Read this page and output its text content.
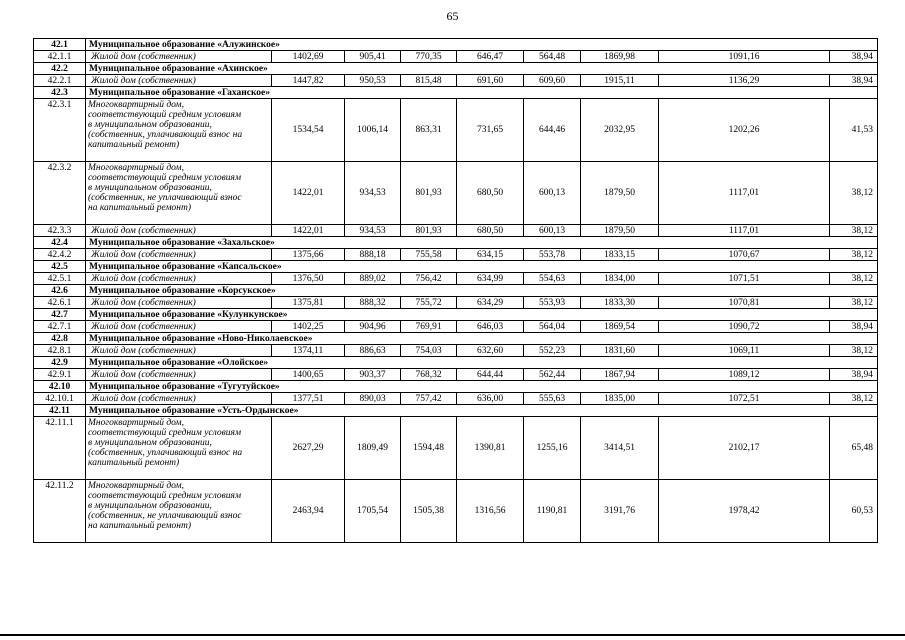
65
42.1	Муниципальное образование «Алужинское»								
42.1.1	Жилой дом (собственник)	1402,69	905,41	770,35	646,47	564,48	1869,98	1091,16	38,94
42.2	Муниципальное образование «Ахинское»								
42.2.1	Жилой дом (собственник)	1447,82	950,53	815,48	691,60	609,60	1915,11	1136,29	38,94
42.3	Муниципальное образование «Гаханское»								
42.3.1	Многоквартирный дом,
соответствующий средним условиям
в муниципальном образовании,
(собственник, уплачивающий взнос на
капитальный ремонт)	1534,54	1006,14	863,31	731,65	644,46	2032,95	1202,26	41,53
42.3.2	Многоквартирный дом,
соответствующий средним условиям
в муниципальном образовании,
(собственник, не уплачивающий взнос
на капитальный ремонт)	1422,01	934,53	801,93	680,50	600,13	1879,50	1117,01	38,12
42.3.3	Жилой дом (собственник)	1422,01	934,53	801,93	680,50	600,13	1879,50	1117,01	38,12
42.4	Муниципальное образование «Захальское»								
42.4.2	Жилой дом (собственник)	1375,66	888,18	755,58	634,15	553,78	1833,15	1070,67	38,12
42.5	Муниципальное образование «Капсальское»								
42.5.1	Жилой дом (собственник)	1376,50	889,02	756,42	634,99	554,63	1834,00	1071,51	38,12
42.6	Муниципальное образование «Корсукское»								
42.6.1	Жилой дом (собственник)	1375,81	888,32	755,72	634,29	553,93	1833,30	1070,81	38,12
42.7	Муниципальное образование «Кулункунское»								
42.7.1	Жилой дом (собственник)	1402,25	904,96	769,91	646,03	564,04	1869,54	1090,72	38,94
42.8	Муниципальное образование «Ново-Николаевское»								
42.8.1	Жилой дом (собственник)	1374,11	886,63	754,03	632,60	552,23	1831,60	1069,11	38,12
42.9	Муниципальное образование «Олойское»								
42.9.1	Жилой дом (собственник)	1400,65	903,37	768,32	644,44	562,44	1867,94	1089,12	38,94
42.10	Муниципальное образование «Тугутуйское»								
42.10.1	Жилой дом (собственник)	1377,51	890,03	757,42	636,00	555,63	1835,00	1072,51	38,12
42.11	Муниципальное образование «Усть-Ордынское»								
42.11.1	Многоквартирный дом,
соответствующий средним условиям
в муниципальном образовании,
(собственник, уплачивающий взнос на
капитальный ремонт)	2627,29	1809,49	1594,48	1390,81	1255,16	3414,51	2102,17	65,48
42.11.2	Многоквартирный дом,
соответствующий средним условиям
в муниципальном образовании,
(собственник, не уплачивающий взнос
на капитальный ремонт)	2463,94	1705,54	1505,38	1316,56	1190,81	3191,76	1978,42	60,53
